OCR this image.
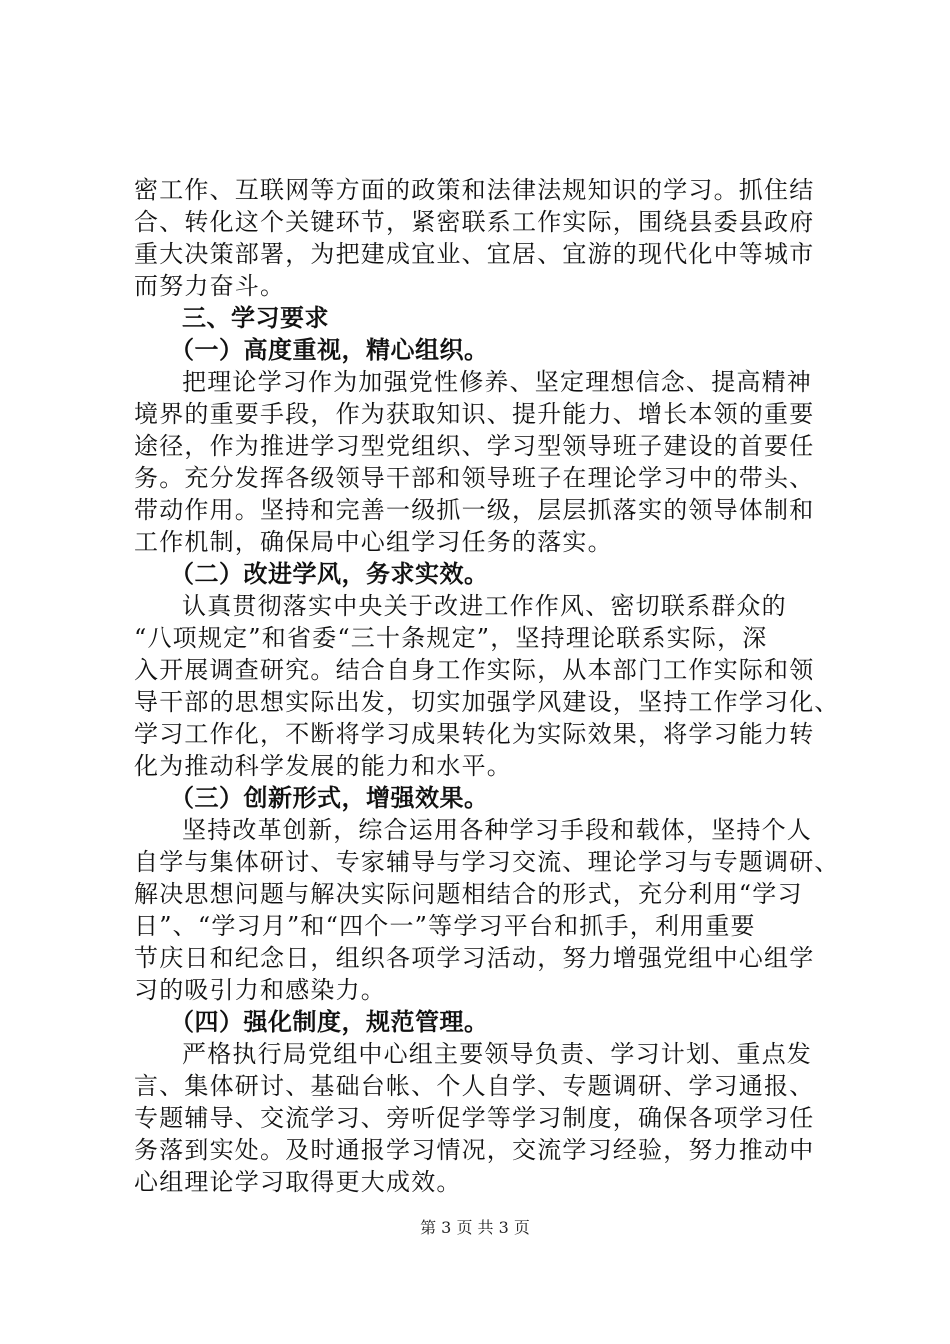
密工作、互联网等方面的政策和法律法规知识的学习。抓住结
合、转化这个关键环节，紧密联系工作实际，围绕县委县政府
重大决策部署，为把建成宜业、宜居、宜游的现代化中等城市
而努力奋斗。
三、学习要求
（一）高度重视，精心组织。
把理论学习作为加强党性修养、坚定理想信念、提高精神
境界的重要手段，作为获取知识、提升能力、增长本领的重要
途径，作为推进学习型党组织、学习型领导班子建设的首要任
务。充分发挥各级领导干部和领导班子在理论学习中的带头、
带动作用。坚持和完善一级抓一级，层层抓落实的领导体制和
工作机制，确保局中心组学习任务的落实。
（二）改进学风，务求实效。
认真贯彻落实中央关于改进工作作风、密切联系群众的
“八项规定”和省委“三十条规定”，坚持理论联系实际，深
入开展调查研究。结合自身工作实际，从本部门工作实际和领
导干部的思想实际出发，切实加强学风建设，坚持工作学习化、
学习工作化，不断将学习成果转化为实际效果，将学习能力转
化为推动科学发展的能力和水平。
（三）创新形式，增强效果。
坚持改革创新，综合运用各种学习手段和载体，坚持个人
自学与集体研讨、专家辅导与学习交流、理论学习与专题调研、
解决思想问题与解决实际问题相结合的形式，充分利用“学习
日”、“学习月”和“四个一”等学习平台和抓手，利用重要
节庆日和纪念日，组织各项学习活动，努力增强党组中心组学
习的吸引力和感染力。
（四）强化制度，规范管理。
严格执行局党组中心组主要领导负责、学习计划、重点发
言、集体研讨、基础台帐、个人自学、专题调研、学习通报、
专题辅导、交流学习、旁听促学等学习制度，确保各项学习任
务落到实处。及时通报学习情况，交流学习经验，努力推动中
心组理论学习取得更大成效。
第 3 页 共 3 页
